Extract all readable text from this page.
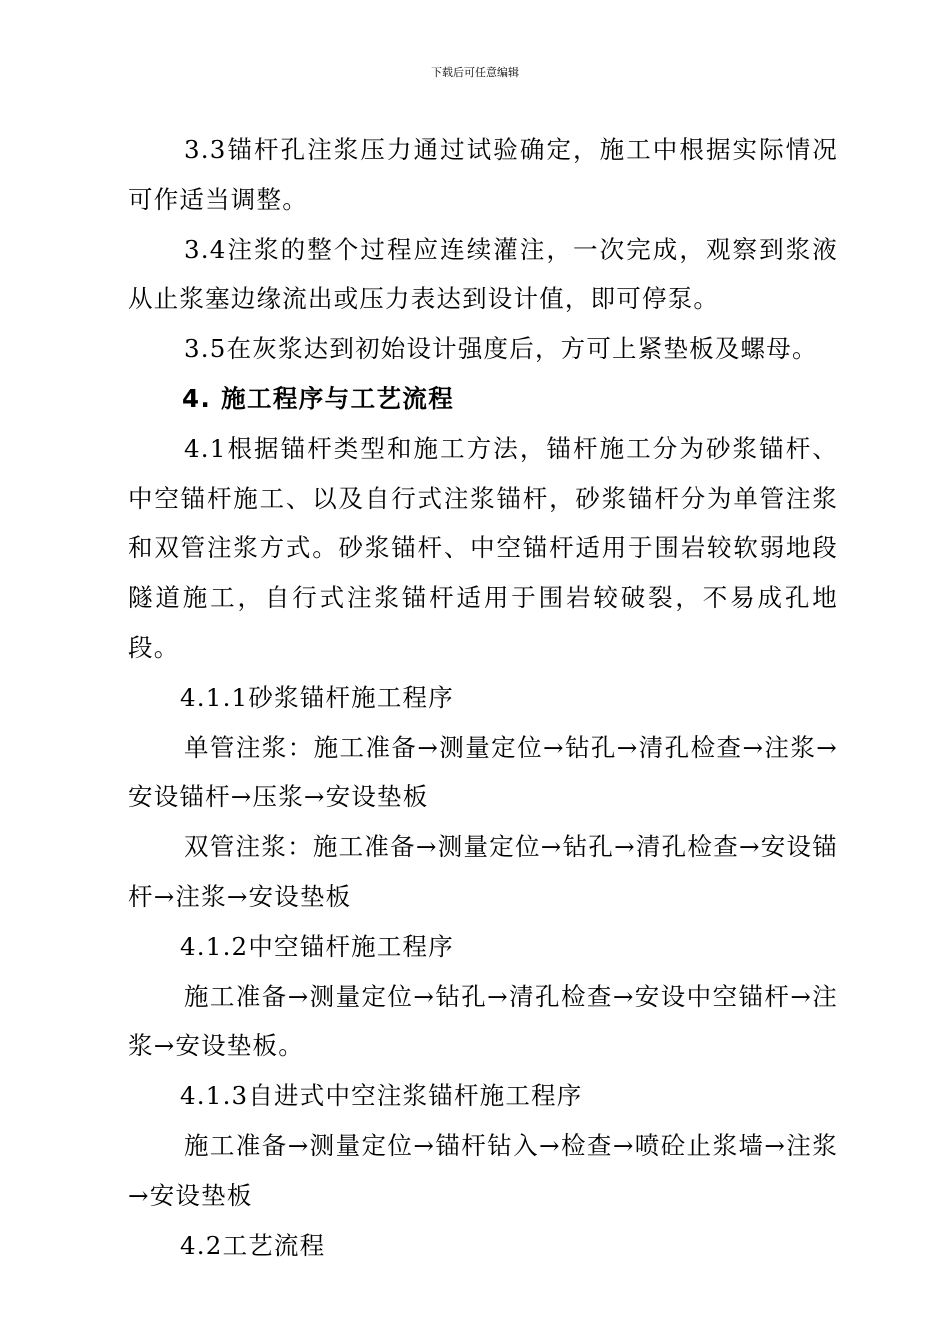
下载后可任意编辑

3.3锚杆孔注浆压力通过试验确定，施工中根据实际情况可作适当调整。

3.4注浆的整个过程应连续灌注，一次完成，观察到浆液从止浆塞边缘流出或压力表达到设计值，即可停泵。

3.5在灰浆达到初始设计强度后，方可上紧垫板及螺母。

4. 施工程序与工艺流程

4.1根据锚杆类型和施工方法，锚杆施工分为砂浆锚杆、中空锚杆施工、以及自行式注浆锚杆，砂浆锚杆分为单管注浆和双管注浆方式。砂浆锚杆、中空锚杆适用于围岩较软弱地段隧道施工，自行式注浆锚杆适用于围岩较破裂，不易成孔地段。

4.1.1砂浆锚杆施工程序

单管注浆：施工准备→测量定位→钻孔→清孔检查→注浆→安设锚杆→压浆→安设垫板

双管注浆：施工准备→测量定位→钻孔→清孔检查→安设锚杆→注浆→安设垫板

4.1.2中空锚杆施工程序

施工准备→测量定位→钻孔→清孔检查→安设中空锚杆→注浆→安设垫板。

4.1.3自进式中空注浆锚杆施工程序

施工准备→测量定位→锚杆钻入→检查→喷砼止浆墙→注浆→安设垫板

4.2工艺流程
